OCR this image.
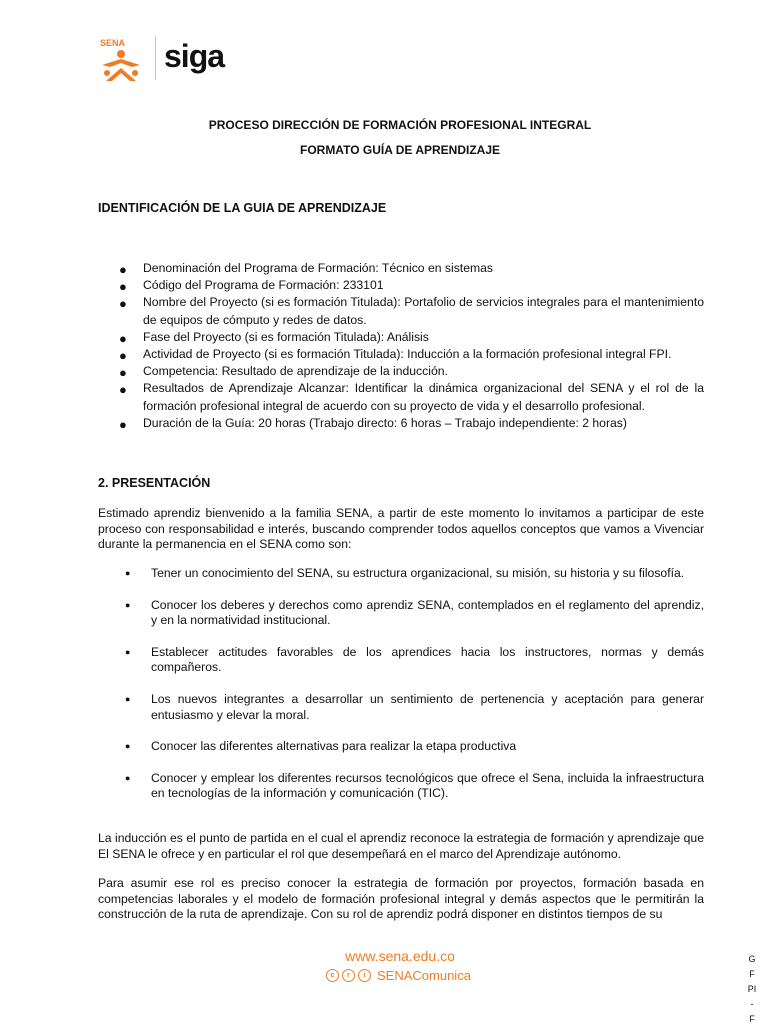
SENA siga
PROCESO DIRECCIÓN DE FORMACIÓN PROFESIONAL INTEGRAL
FORMATO GUÍA DE APRENDIZAJE
IDENTIFICACIÓN DE LA GUIA DE APRENDIZAJE
● Denominación del Programa de Formación: Técnico en sistemas
● Código del Programa de Formación: 233101
● Nombre del Proyecto (si es formación Titulada): Portafolio de servicios integrales para el mantenimiento de equipos de cómputo y redes de datos.
● Fase del Proyecto (si es formación Titulada): Análisis
● Actividad de Proyecto (si es formación Titulada): Inducción a la formación profesional integral FPI.
● Competencia: Resultado de aprendizaje de la inducción.
● Resultados de Aprendizaje Alcanzar: Identificar la dinámica organizacional del SENA y el rol de la formación profesional integral de acuerdo con su proyecto de vida y el desarrollo profesional.
● Duración de la Guía: 20 horas (Trabajo directo: 6 horas – Trabajo independiente: 2 horas)
2. PRESENTACIÓN

Estimado aprendiz bienvenido a la familia SENA, a partir de este momento lo invitamos a participar de este proceso con responsabilidad e interés, buscando comprender todos aquellos conceptos que vamos a Vivenciar durante la permanencia en el SENA como son:

● Tener un conocimiento del SENA, su estructura organizacional, su misión, su historia y su filosofía.
● Conocer los deberes y derechos como aprendiz SENA, contemplados en el reglamento del aprendiz, y en la normatividad institucional.
● Establecer actitudes favorables de los aprendices hacia los instructores, normas y demás compañeros.
● Los nuevos integrantes a desarrollar un sentimiento de pertenencia y aceptación para generar entusiasmo y elevar la moral.
● Conocer las diferentes alternativas para realizar la etapa productiva
● Conocer y emplear los diferentes recursos tecnológicos que ofrece el Sena, incluida la infraestructura en tecnologías de la información y comunicación (TIC).

La inducción es el punto de partida en el cual el aprendiz reconoce la estrategia de formación y aprendizaje que El SENA le ofrece y en particular el rol que desempeñará en el marco del Aprendizaje autónomo.

Para asumir ese rol es preciso conocer la estrategia de formación por proyectos, formación basada en competencias laborales y el modelo de formación profesional integral y demás aspectos que le permitirán la construcción de la ruta de aprendizaje. Con su rol de aprendiz podrá disponer en distintos tiempos de su

www.sena.edu.co
c	r	i SENAComunica
G
F
PI
-
F
